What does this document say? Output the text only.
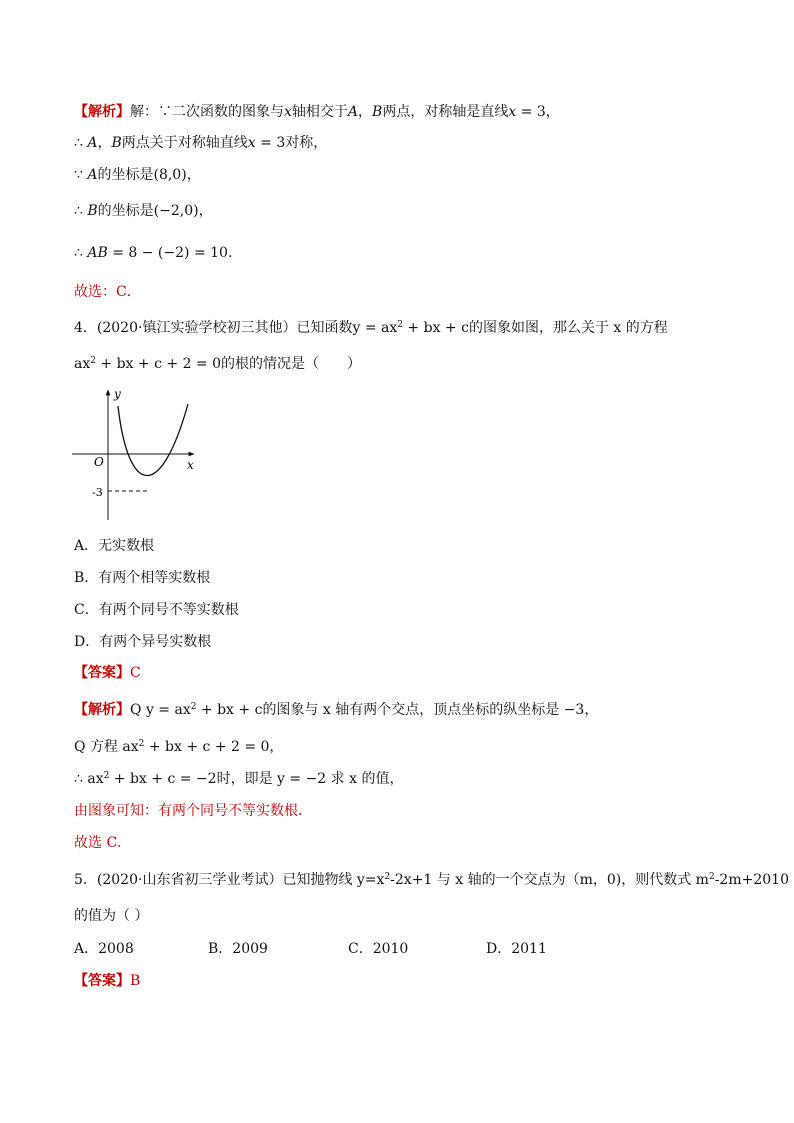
【解析】解：∵二次函数的图象与x轴相交于A，B两点，对称轴是直线x = 3，
∴ A，B两点关于对称轴直线x = 3对称，
∵ A的坐标是(8,0)，
∴ B的坐标是(−2,0)，
∴ AB = 8 − (−2) = 10.
故选：C．
4．(2020·镇江实验学校初三其他）已知函数$y = ax^2$ + bx + c的图象如图，那么关于 x 的方程
$ax^2$ + bx + c + 2 = 0的根的情况是（　　）
y
x
O
-3
A．无实数根
B．有两个相等实数根
C．有两个同号不等实数根
D．有两个异号实数根
【答案】C
【解析】Q $y = ax^2$ + bx + c的图象与 x 轴有两个交点，顶点坐标的纵坐标是 −3，
Q 方程 $ax^2$ + bx + c + 2 = 0，
∴ $ax^2$ + bx + c = −2时，即是 y = −2 求 x 的值，
由图象可知：有两个同号不等实数根．
故选 C．
5．(2020·山东省初三学业考试）已知抛物线 $y=x^2-2x+1$ 与 x 轴的一个交点为（m，0)，则代数式 $m^2-2m+2010$
的值为（ ）
A．2008	B．2009	C．2010	D．2011
【答案】B
